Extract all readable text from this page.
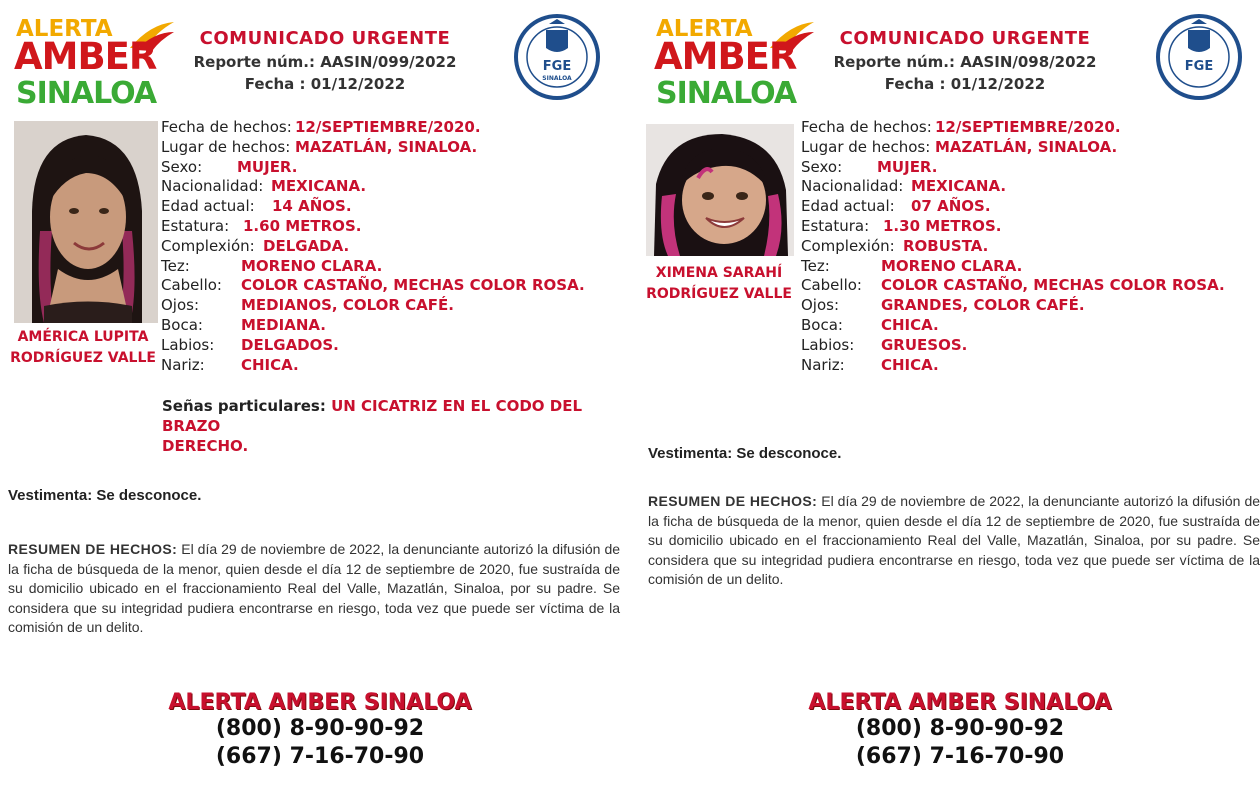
ALERTA
AMBER
SINALOA
COMUNICADO URGENTE
Reporte núm.: AASIN/099/2022
Fecha : 01/12/2022
FGE
SINALOA
AMÉRICA LUPITA
RODRÍGUEZ VALLE
Fecha de hechos: 12/SEPTIEMBRE/2020.
Lugar de hechos: MAZATLÁN, SINALOA.
Sexo: MUJER.
Nacionalidad: MEXICANA.
Edad actual: 14 AÑOS.
Estatura: 1.60 METROS.
Complexión: DELGADA.
Tez:	MORENO CLARA.
Cabello: COLOR CASTAÑO, MECHAS COLOR ROSA.
Ojos:	MEDIANOS, COLOR CAFÉ.
Boca:	MEDIANA.
Labios: DELGADOS.
Nariz: CHICA.
Señas particulares: UN CICATRIZ EN EL CODO DEL BRAZO
DERECHO.
Vestimenta: Se desconoce.
RESUMEN DE HECHOS: El día 29 de noviembre de 2022, la denunciante autorizó la difusión de la ficha de búsqueda de la menor, quien desde el día 12 de septiembre de 2020, fue sustraída de su domicilio ubicado en el fraccionamiento Real del Valle, Mazatlán, Sinaloa, por su padre. Se considera que su integridad pudiera encontrarse en riesgo, toda vez que puede ser víctima de la comisión de un delito.
ALERTA AMBER SINALOA
(800) 8-90-90-92
(667) 7-16-70-90
ALERTA
AMBER
SINALOA
COMUNICADO URGENTE
Reporte núm.: AASIN/098/2022
Fecha : 01/12/2022
FGE
XIMENA SARAHÍ
RODRÍGUEZ VALLE
Fecha de hechos: 12/SEPTIEMBRE/2020.
Lugar de hechos: MAZATLÁN, SINALOA.
Sexo: MUJER.
Nacionalidad: MEXICANA.
Edad actual: 07 AÑOS.
Estatura: 1.30 METROS.
Complexión: ROBUSTA.
Tez:	MORENO CLARA.
Cabello: COLOR CASTAÑO, MECHAS COLOR ROSA.
Ojos:	GRANDES, COLOR CAFÉ.
Boca:	CHICA.
Labios: GRUESOS.
Nariz: CHICA.
Vestimenta: Se desconoce.
RESUMEN DE HECHOS: El día 29 de noviembre de 2022, la denunciante autorizó la difusión de la ficha de búsqueda de la menor, quien desde el día 12 de septiembre de 2020, fue sustraída de su domicilio ubicado en el fraccionamiento Real del Valle, Mazatlán, Sinaloa, por su padre. Se considera que su integridad pudiera encontrarse en riesgo, toda vez que puede ser víctima de la comisión de un delito.
ALERTA AMBER SINALOA
(800) 8-90-90-92
(667) 7-16-70-90
